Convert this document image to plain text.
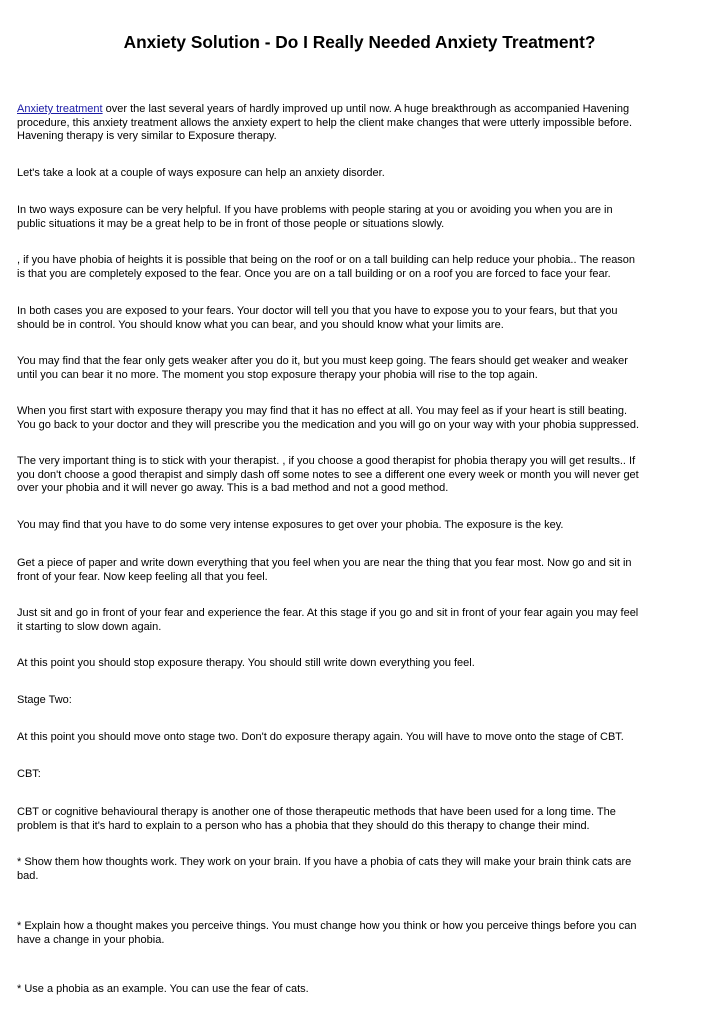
Anxiety Solution - Do I Really Needed Anxiety Treatment?

Anxiety treatment over the last several years of hardly improved up until now. A huge breakthrough as accompanied Havening
procedure, this anxiety treatment allows the anxiety expert to help the client make changes that were utterly impossible before.
Havening therapy is very similar to Exposure therapy.

Let's take a look at a couple of ways exposure can help an anxiety disorder.

In two ways exposure can be very helpful. If you have problems with people staring at you or avoiding you when you are in
public situations it may be a great help to be in front of those people or situations slowly.

, if you have phobia of heights it is possible that being on the roof or on a tall building can help reduce your phobia.. The reason
is that you are completely exposed to the fear. Once you are on a tall building or on a roof you are forced to face your fear.

In both cases you are exposed to your fears. Your doctor will tell you that you have to expose you to your fears, but that you
should be in control. You should know what you can bear, and you should know what your limits are.

You may find that the fear only gets weaker after you do it, but you must keep going. The fears should get weaker and weaker
until you can bear it no more. The moment you stop exposure therapy your phobia will rise to the top again.

When you first start with exposure therapy you may find that it has no effect at all. You may feel as if your heart is still beating.
You go back to your doctor and they will prescribe you the medication and you will go on your way with your phobia suppressed.

The very important thing is to stick with your therapist. , if you choose a good therapist for phobia therapy you will get results.. If
you don't choose a good therapist and simply dash off some notes to see a different one every week or month you will never get
over your phobia and it will never go away. This is a bad method and not a good method.

You may find that you have to do some very intense exposures to get over your phobia. The exposure is the key.

Get a piece of paper and write down everything that you feel when you are near the thing that you fear most. Now go and sit in
front of your fear. Now keep feeling all that you feel.

Just sit and go in front of your fear and experience the fear. At this stage if you go and sit in front of your fear again you may feel
it starting to slow down again.

At this point you should stop exposure therapy. You should still write down everything you feel.

Stage Two:

At this point you should move onto stage two. Don't do exposure therapy again. You will have to move onto the stage of CBT.

CBT:

CBT or cognitive behavioural therapy is another one of those therapeutic methods that have been used for a long time. The
problem is that it's hard to explain to a person who has a phobia that they should do this therapy to change their mind.

* Show them how thoughts work. They work on your brain. If you have a phobia of cats they will make your brain think cats are
bad.

* Explain how a thought makes you perceive things. You must change how you think or how you perceive things before you can
have a change in your phobia.

* Use a phobia as an example. You can use the fear of cats.
